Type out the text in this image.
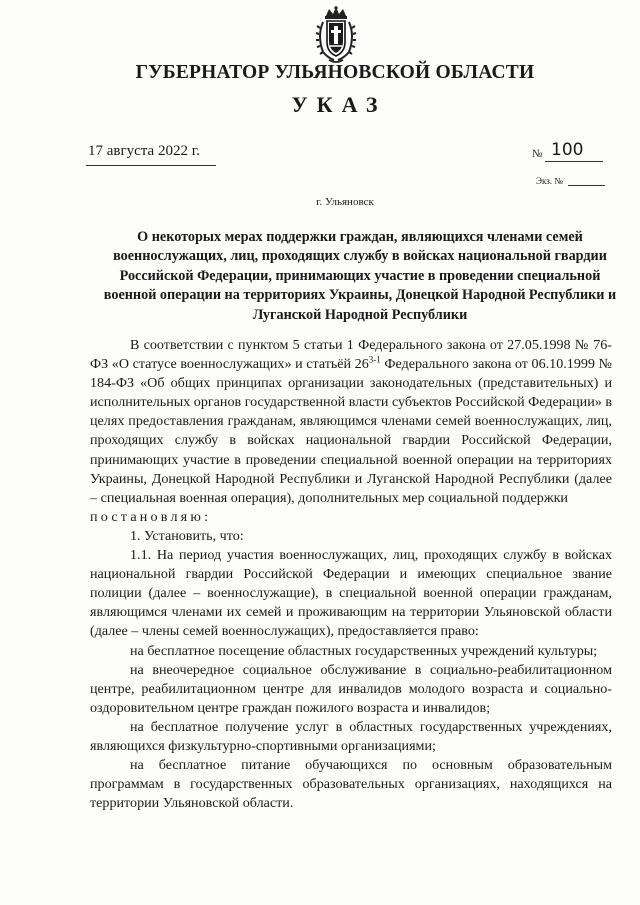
ГУБЕРНАТОР УЛЬЯНОВСКОЙ ОБЛАСТИ
УКАЗ
17 августа 2022 г.	№ 100
Экз. №
г. Ульяновск
О некоторых мерах поддержки граждан, являющихся членами семей военнослужащих, лиц, проходящих службу в войсках национальной гвардии Российской Федерации, принимающих участие в проведении специальной военной операции на территориях Украины, Донецкой Народной Республики и Луганской Народной Республики

В соответствии с пунктом 5 статьи 1 Федерального закона от 27.05.1998 № 76-ФЗ «О статусе военнослужащих» и статьёй 26$^{3-1}$ Федерального закона от 06.10.1999 № 184-ФЗ «Об общих принципах организации законодательных (представительных) и исполнительных органов государственной власти субъектов Российской Федерации» в целях предоставления гражданам, являющимся членами семей военнослужащих, лиц, проходящих службу в войсках национальной гвардии Российской Федерации, принимающих участие в проведении специальной военной операции на территориях Украины, Донецкой Народной Республики и Луганской Народной Республики (далее – специальная военная операция), дополнительных мер социальной поддержки

постановляю:

1. Установить, что:

1.1. На период участия военнослужащих, лиц, проходящих службу в войсках национальной гвардии Российской Федерации и имеющих специальное звание полиции (далее – военнослужащие), в специальной военной операции гражданам, являющимся членами их семей и проживающим на территории Ульяновской области (далее – члены семей военнослужащих), предоставляется право:

на бесплатное посещение областных государственных учреждений культуры;

на внеочередное социальное обслуживание в социально-реабилитационном центре, реабилитационном центре для инвалидов молодого возраста и социально-оздоровительном центре граждан пожилого возраста и инвалидов;

на бесплатное получение услуг в областных государственных учреждениях, являющихся физкультурно-спортивными организациями;

на бесплатное питание обучающихся по основным образовательным программам в государственных образовательных организациях, находящихся на территории Ульяновской области.
